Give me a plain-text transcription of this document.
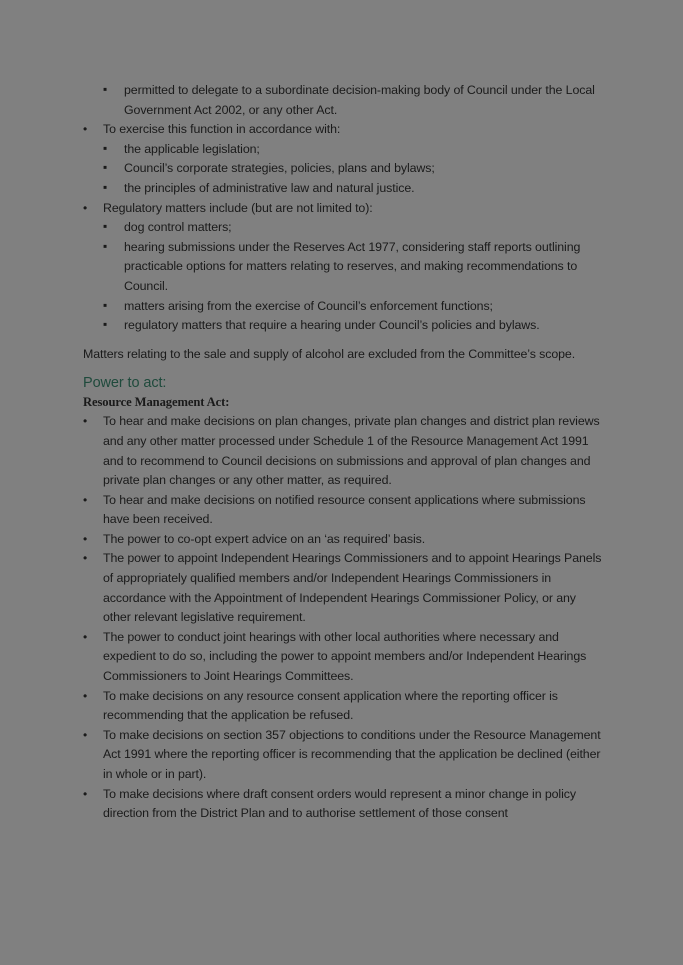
▪ permitted to delegate to a subordinate decision-making body of Council under the Local Government Act 2002, or any other Act.
•	To exercise this function in accordance with:
▪ the applicable legislation;
▪ Council’s corporate strategies, policies, plans and bylaws;
▪ the principles of administrative law and natural justice.
•	Regulatory matters include (but are not limited to):
▪ dog control matters;
▪ hearing submissions under the Reserves Act 1977, considering staff reports outlining practicable options for matters relating to reserves, and making recommendations to Council.
▪ matters arising from the exercise of Council’s enforcement functions;
▪ regulatory matters that require a hearing under Council’s policies and bylaws.

Matters relating to the sale and supply of alcohol are excluded from the Committee’s scope.

Power to act:
Resource Management Act:
•	To hear and make decisions on plan changes, private plan changes and district plan reviews and any other matter processed under Schedule 1 of the Resource Management Act 1991 and to recommend to Council decisions on submissions and approval of plan changes and private plan changes or any other matter, as required.
•	To hear and make decisions on notified resource consent applications where submissions have been received.
•	The power to co-opt expert advice on an ‘as required’ basis.
•	The power to appoint Independent Hearings Commissioners and to appoint Hearings Panels of appropriately qualified members and/or Independent Hearings Commissioners in accordance with the Appointment of Independent Hearings Commissioner Policy, or any other relevant legislative requirement.
•	The power to conduct joint hearings with other local authorities where necessary and expedient to do so, including the power to appoint members and/or Independent Hearings Commissioners to Joint Hearings Committees.
•	To make decisions on any resource consent application where the reporting officer is recommending that the application be refused.
•	To make decisions on section 357 objections to conditions under the Resource Management Act 1991 where the reporting officer is recommending that the application be declined (either in whole or in part).
•	To make decisions where draft consent orders would represent a minor change in policy direction from the District Plan and to authorise settlement of those consent
